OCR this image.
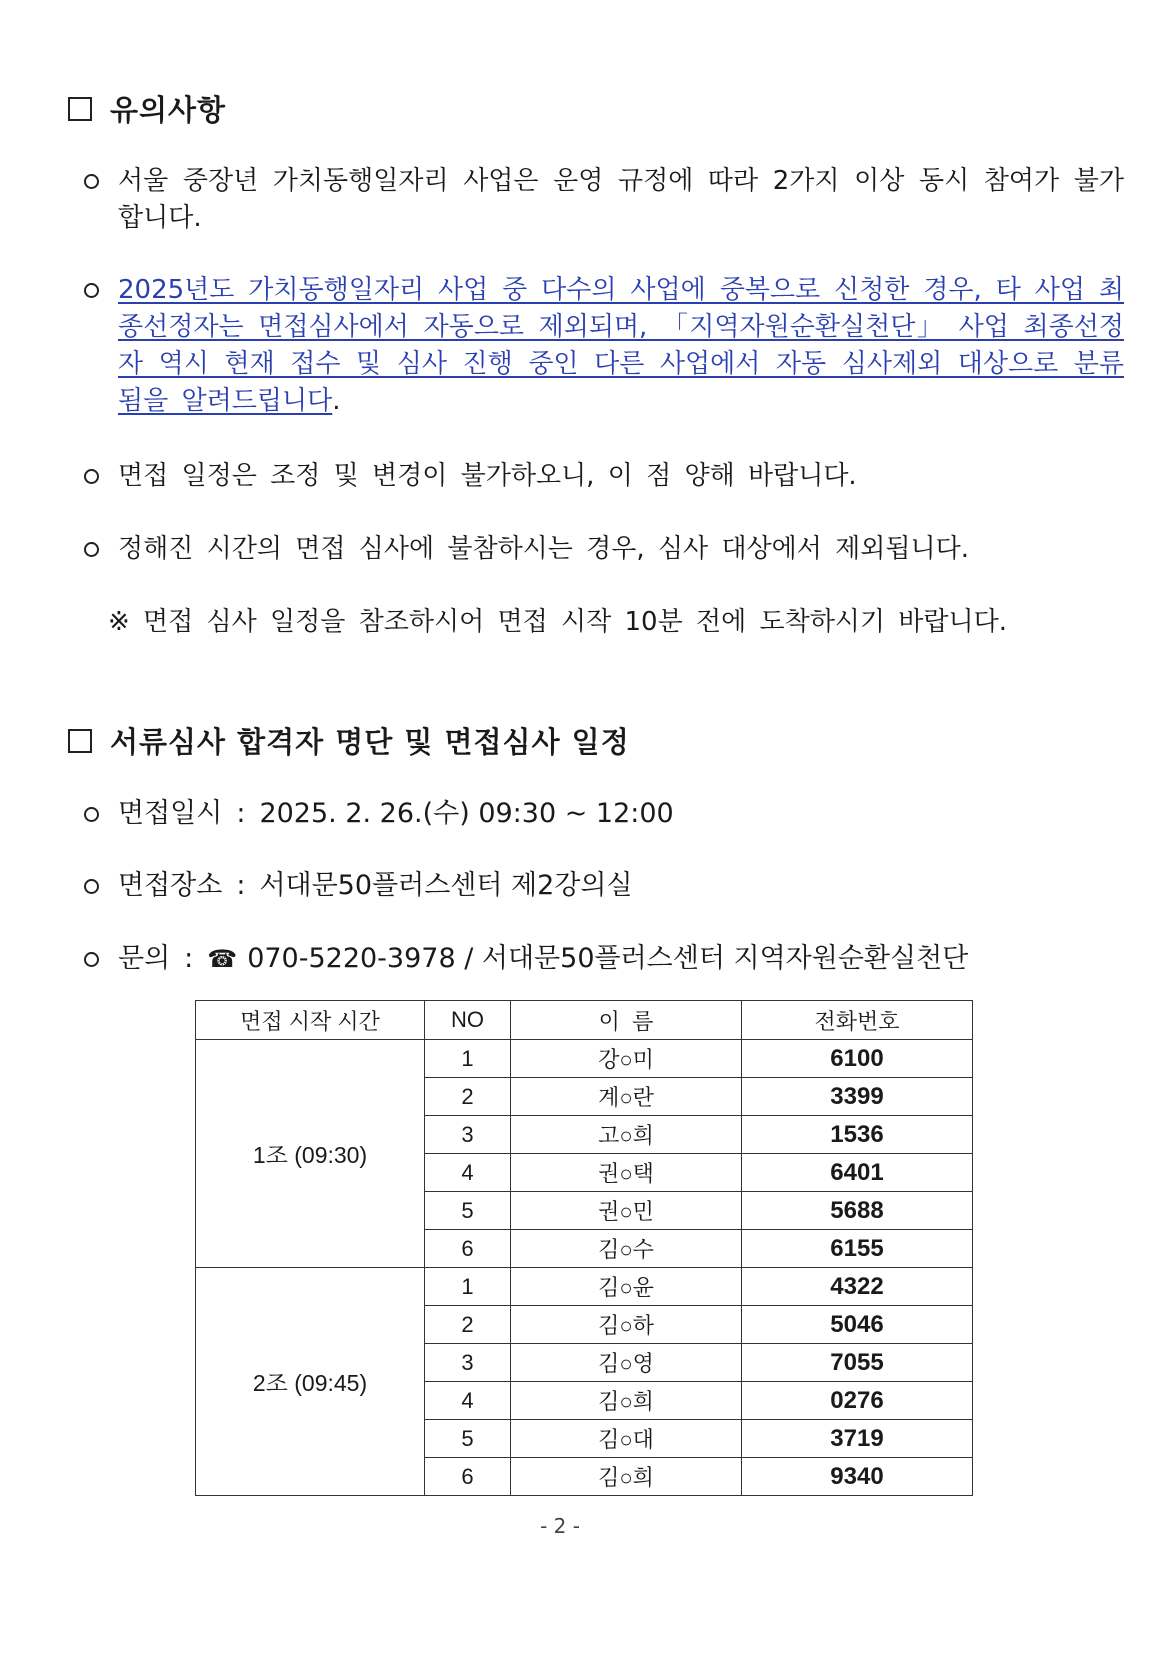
유의사항
서울 중장년 가치동행일자리 사업은 운영 규정에 따라 2가지 이상 동시 참여가 불가합니다.
2025년도 가치동행일자리 사업 중 다수의 사업에 중복으로 신청한 경우, 타 사업 최종선정자는 면접심사에서 자동으로 제외되며, 「지역자원순환실천단」 사업 최종선정자 역시 현재 접수 및 심사 진행 중인 다른 사업에서 자동 심사제외 대상으로 분류 됨을 알려드립니다.
면접 일정은 조정 및 변경이 불가하오니, 이 점 양해 바랍니다.
정해진 시간의 면접 심사에 불참하시는 경우, 심사 대상에서 제외됩니다.
※ 면접 심사 일정을 참조하시어 면접 시작 10분 전에 도착하시기 바랍니다.
서류심사 합격자 명단 및 면접심사 일정
면접일시 : 2025. 2. 26.(수) 09:30 ~ 12:00
면접장소 : 서대문50플러스센터 제2강의실
문의 : ☎ 070-5220-3978 / 서대문50플러스센터 지역자원순환실천단
면접 시작 시간	NO	이  름	전화번호
1조 (09:30)	1	강○미	6100
	2	계○란	3399
	3	고○희	1536
	4	권○택	6401
	5	권○민	5688
	6	김○수	6155
2조 (09:45)	1	김○윤	4322
	2	김○하	5046
	3	김○영	7055
	4	김○희	0276
	5	김○대	3719
	6	김○희	9340
- 2 -
